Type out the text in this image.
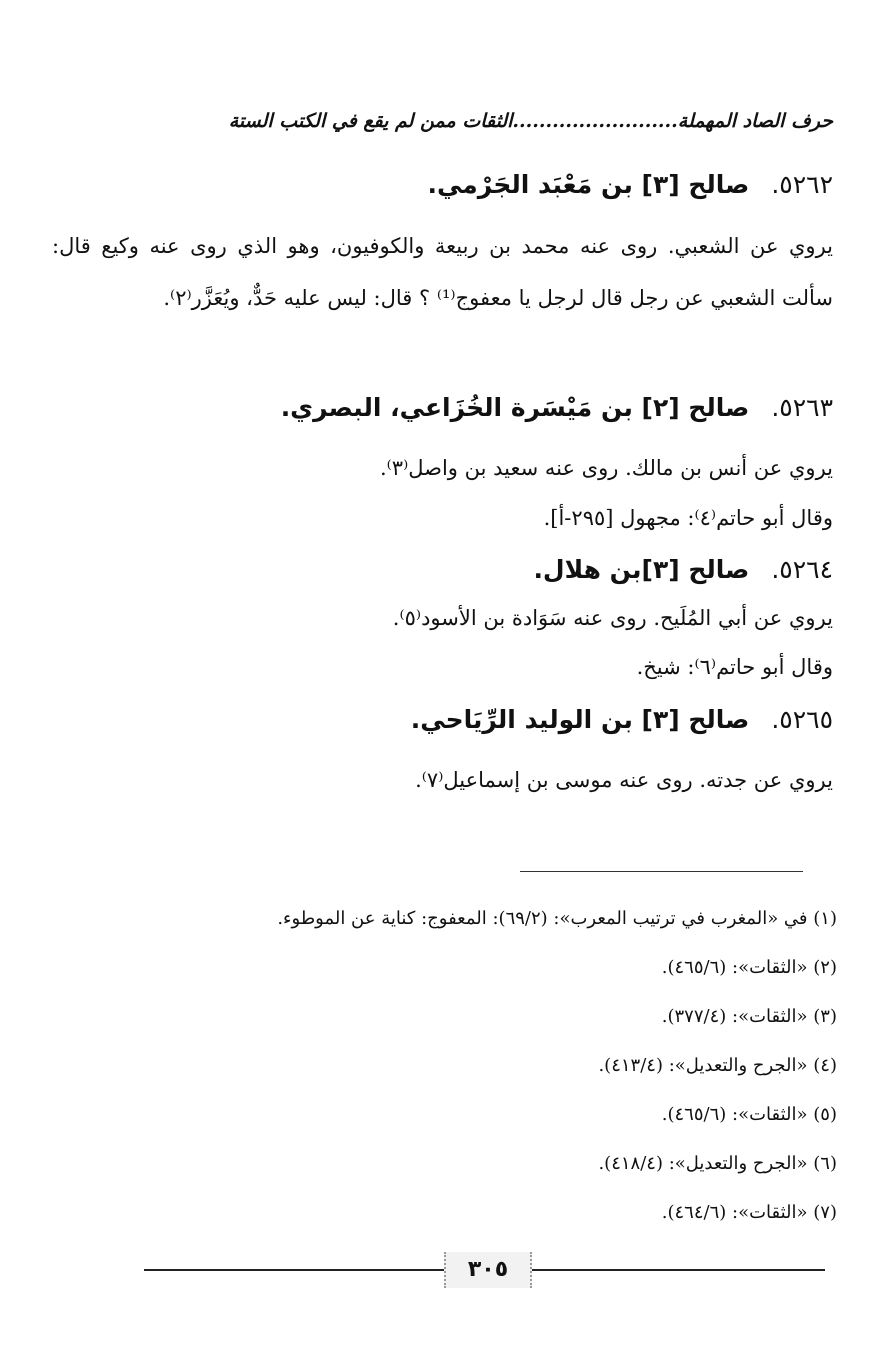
حرف الصاد المهملة.........................الثقات ممن لم يقع في الكتب الستة
٥٢٦٢.صالح [٣] بن مَعْبَد الجَرْمي.
يروي عن الشعبي. روى عنه محمد بن ربيعة والكوفيون، وهو الذي روى عنه وكيع قال: سألت الشعبي عن رجل قال لرجل يا معفوج⁽¹⁾ ؟ قال: ليس عليه حَدٌّ، ويُعَزَّر⁽٢⁾.
٥٢٦٣.صالح [٢] بن مَيْسَرة الخُزَاعي، البصري.
يروي عن أنس بن مالك. روى عنه سعيد بن واصل⁽٣⁾.
وقال أبو حاتم⁽٤⁾: مجهول [٢٩٥-أ].
٥٢٦٤.صالح [٣]بن هلال.
يروي عن أبي المُلَيح. روى عنه سَوَادة بن الأسود⁽٥⁾.
وقال أبو حاتم⁽٦⁾: شيخ.
٥٢٦٥.صالح [٣] بن الوليد الرِّيَاحي.
يروي عن جدته. روى عنه موسى بن إسماعيل⁽٧⁾.
(١) في «المغرب في ترتيب المعرب»: (٦٩/٢): المعفوج: كناية عن الموطوء.
(٢) «الثقات»: (٤٦٥/٦).
(٣) «الثقات»: (٣٧٧/٤).
(٤) «الجرح والتعديل»: (٤١٣/٤).
(٥) «الثقات»: (٤٦٥/٦).
(٦) «الجرح والتعديل»: (٤١٨/٤).
(٧) «الثقات»: (٤٦٤/٦).
٣٠٥
